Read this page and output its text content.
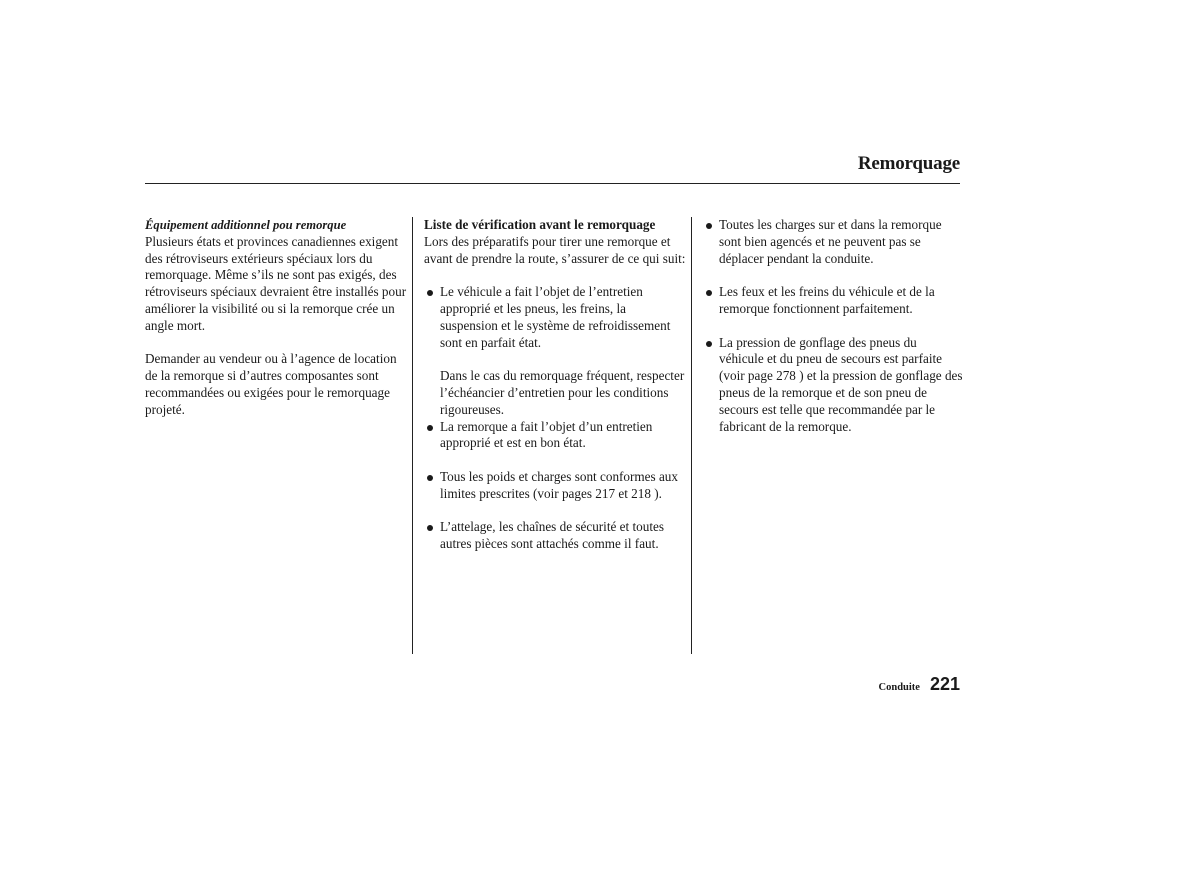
Remorquage

Équipement additionnel pou remorque

Plusieurs états et provinces canadiennes exigent des rétroviseurs extérieurs spéciaux lors du remorquage. Même s’ils ne sont pas exigés, des rétroviseurs spéciaux devraient être installés pour améliorer la visibilité ou si la remorque crée un angle mort.

Demander au vendeur ou à l’agence de location de la remorque si d’autres composantes sont recommandées ou exigées pour le remorquage projeté.

Liste de vérification avant le remorquage

Lors des préparatifs pour tirer une remorque et avant de prendre la route, s’assurer de ce qui suit:

Le véhicule a fait l’objet de l’entretien approprié et les pneus, les freins, la suspension et le système de refroidissement sont en parfait état.

Dans le cas du remorquage fréquent, respecter l’échéancier d’entretien pour les conditions rigoureuses.

La remorque a fait l’objet d’un entretien approprié et est en bon état.
Tous les poids et charges sont conformes aux limites prescrites (voir pages 217 et 218 ).
L’attelage, les chaînes de sécurité et toutes autres pièces sont attachés comme il faut.
Toutes les charges sur et dans la remorque sont bien agencés et ne peuvent pas se déplacer pendant la conduite.
Les feux et les freins du véhicule et de la remorque fonctionnent parfaitement.
La pression de gonflage des pneus du véhicule et du pneu de secours est parfaite (voir page 278 ) et la pression de gonflage des pneus de la remorque et de son pneu de secours est telle que recommandée par le fabricant de la remorque.
Conduite 221
